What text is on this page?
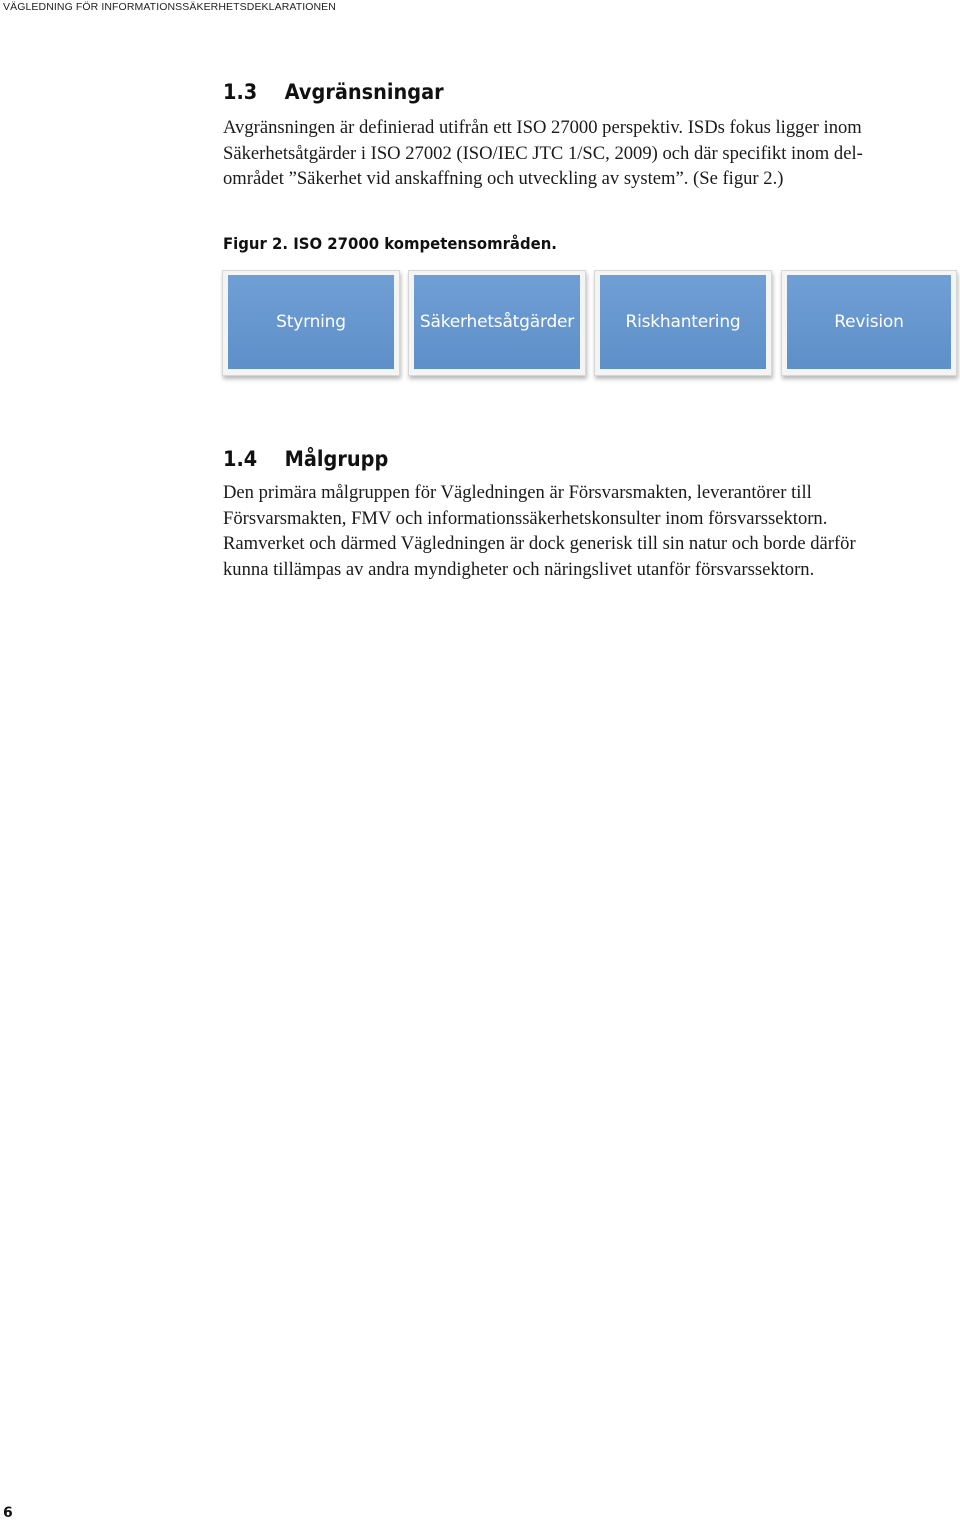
VÄGLEDNING FÖR INFORMATIONSSÄKERHETSDEKLARATIONEN
1.3	Avgränsningar

Avgränsningen är definierad utifrån ett ISO 27000 perspektiv. ISDs fokus ligger inom
Säkerhetsåtgärder i ISO 27002 (ISO/IEC JTC 1/SC, 2009) och där specifikt inom del-
området ”Säkerhet vid anskaffning och utveckling av system”. (Se figur 2.)

Figur 2. ISO 27000 kompetensområden.
Styrning	Säkerhetsåtgärder	Riskhantering	Revision
1.4	Målgrupp

Den primära målgruppen för Vägledningen är Försvarsmakten, leverantörer till
Försvarsmakten, FMV och informationssäkerhetskonsulter inom försvarssektorn.
Ramverket och därmed Vägledningen är dock generisk till sin natur och borde därför
kunna tillämpas av andra myndigheter och näringslivet utanför försvarssektorn.

6
